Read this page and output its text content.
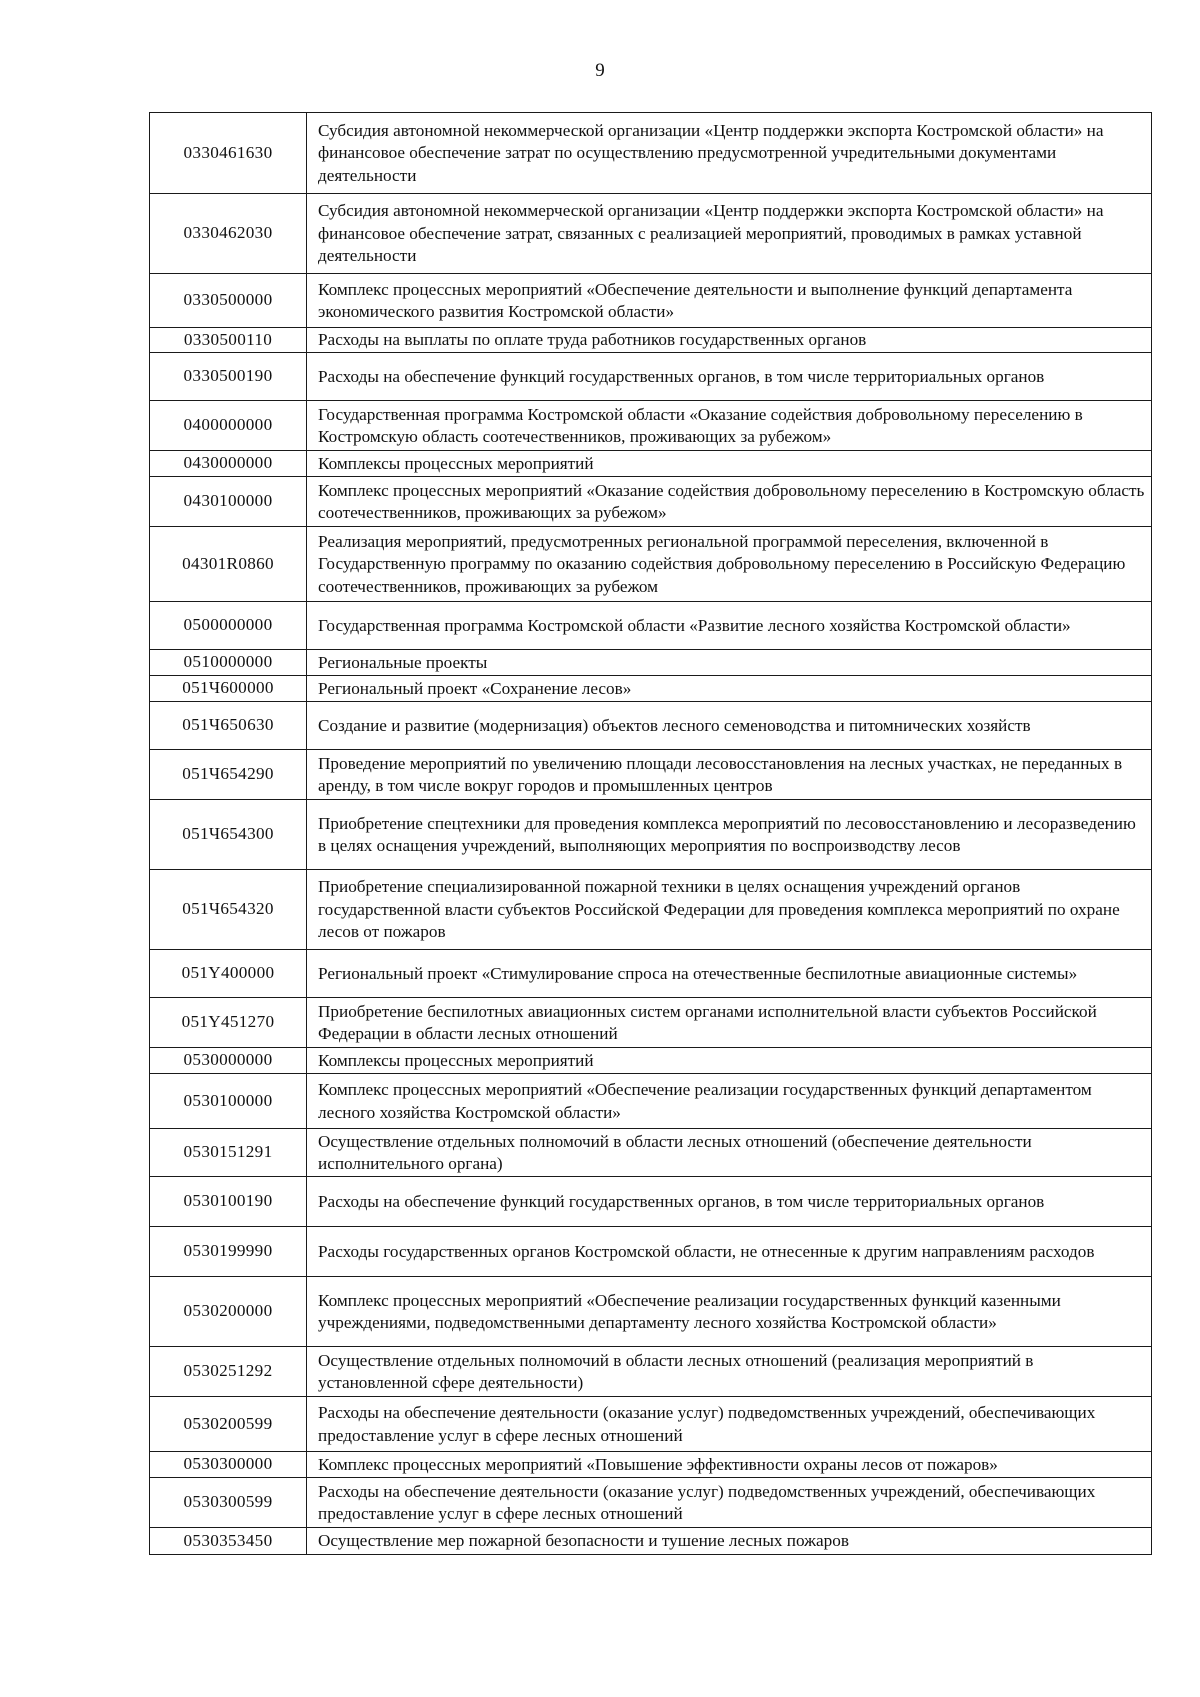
9
0330461630	Субсидия автономной некоммерческой организации «Центр поддержки экспорта Костромской области» на финансовое обеспечение затрат по осуществлению предусмотренной учредительными документами деятельности
0330462030	Субсидия автономной некоммерческой организации «Центр поддержки экспорта Костромской области» на финансовое обеспечение затрат, связанных с реализацией мероприятий, проводимых в рамках уставной деятельности
0330500000	Комплекс процессных мероприятий «Обеспечение деятельности и выполнение функций департамента экономического развития Костромской области»
0330500110	Расходы на выплаты по оплате труда работников государственных органов
0330500190	Расходы на обеспечение функций государственных органов, в том числе территориальных органов
0400000000	Государственная программа Костромской области «Оказание содействия добровольному переселению в Костромскую область соотечественников, проживающих за рубежом»
0430000000	Комплексы процессных мероприятий
0430100000	Комплекс процессных мероприятий «Оказание содействия добровольному переселению в Костромскую область соотечественников, проживающих за рубежом»
04301R0860	Реализация мероприятий, предусмотренных региональной программой переселения, включенной в Государственную программу по оказанию содействия добровольному переселению в Российскую Федерацию соотечественников, проживающих за рубежом
0500000000	Государственная программа Костромской области «Развитие лесного хозяйства Костромской области»
0510000000	Региональные проекты
051Ч600000	Региональный проект «Сохранение лесов»
051Ч650630	Создание и развитие (модернизация) объектов лесного семеноводства и питомнических хозяйств
051Ч654290	Проведение мероприятий по увеличению площади лесовосстановления на лесных участках, не переданных в аренду, в том числе вокруг городов и промышленных центров
051Ч654300	Приобретение спецтехники для проведения комплекса мероприятий по лесовосстановлению и лесоразведению в целях оснащения учреждений, выполняющих мероприятия по воспроизводству лесов
051Ч654320	Приобретение специализированной пожарной техники в целях оснащения учреждений органов государственной власти субъектов Российской Федерации для проведения комплекса мероприятий по охране лесов от пожаров
051Y400000	Региональный проект «Стимулирование спроса на отечественные беспилотные авиационные системы»
051Y451270	Приобретение беспилотных авиационных систем органами исполнительной власти субъектов Российской Федерации в области лесных отношений
0530000000	Комплексы процессных мероприятий
0530100000	Комплекс процессных мероприятий «Обеспечение реализации государственных функций департаментом лесного хозяйства Костромской области»
0530151291	Осуществление отдельных полномочий в области лесных отношений (обеспечение деятельности исполнительного органа)
0530100190	Расходы на обеспечение функций государственных органов, в том числе территориальных органов
0530199990	Расходы государственных органов Костромской области, не отнесенные к другим направлениям расходов
0530200000	Комплекс процессных мероприятий «Обеспечение реализации государственных функций казенными учреждениями, подведомственными департаменту лесного хозяйства Костромской области»
0530251292	Осуществление отдельных полномочий в области лесных отношений (реализация мероприятий в установленной сфере деятельности)
0530200599	Расходы на обеспечение деятельности (оказание услуг) подведомственных учреждений, обеспечивающих предоставление услуг в сфере лесных отношений
0530300000	Комплекс процессных мероприятий «Повышение эффективности охраны лесов от пожаров»
0530300599	Расходы на обеспечение деятельности (оказание услуг) подведомственных учреждений, обеспечивающих предоставление услуг в сфере лесных отношений
0530353450	Осуществление мер пожарной безопасности и тушение лесных пожаров
